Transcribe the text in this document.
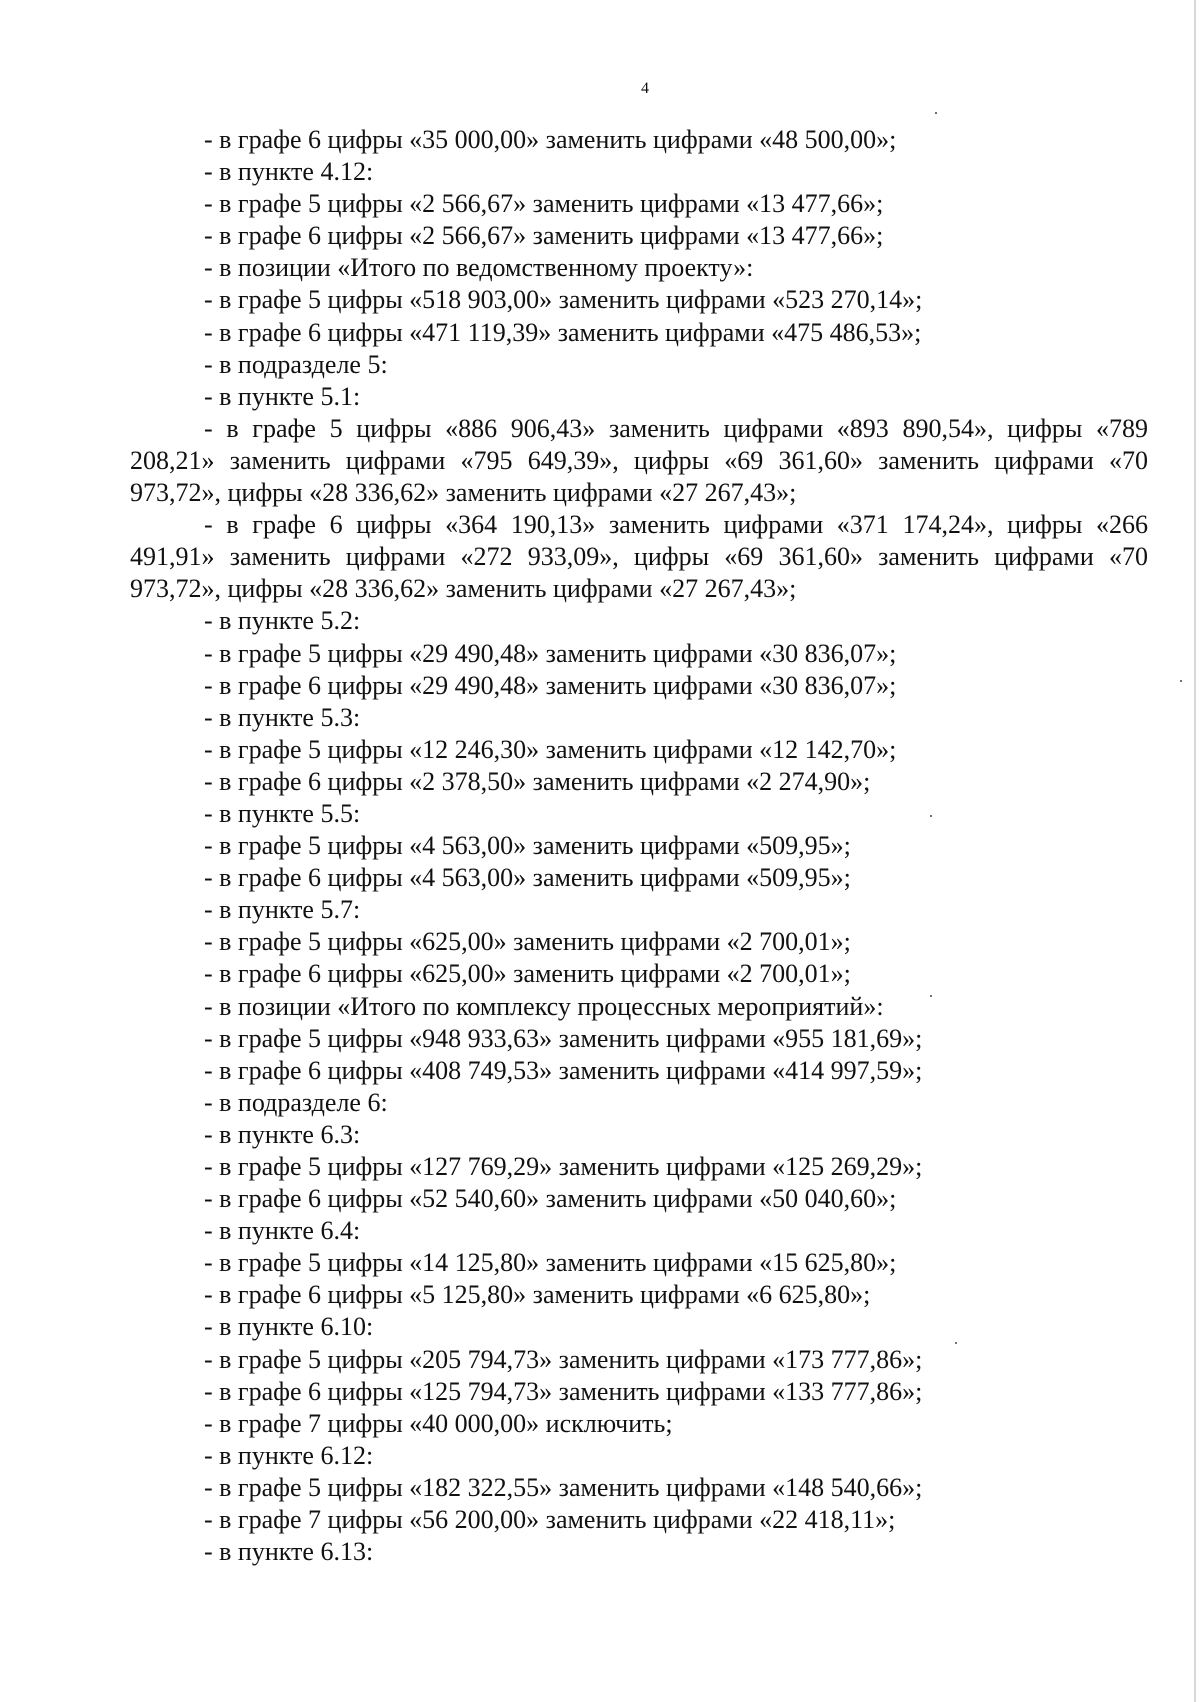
4
- в графе 6 цифры «35 000,00» заменить цифрами «48 500,00»;
- в пункте 4.12:
- в графе 5 цифры «2 566,67» заменить цифрами «13 477,66»;
- в графе 6 цифры «2 566,67» заменить цифрами «13 477,66»;
- в позиции «Итого по ведомственному проекту»:
- в графе 5 цифры «518 903,00» заменить цифрами «523 270,14»;
- в графе 6 цифры «471 119,39» заменить цифрами «475 486,53»;
- в подразделе 5:
- в пункте 5.1:
- в графе 5 цифры «886 906,43» заменить цифрами «893 890,54», цифры «789 208,21» заменить цифрами «795 649,39», цифры «69 361,60» заменить цифрами «70 973,72», цифры «28 336,62» заменить цифрами «27 267,43»;
- в графе 6 цифры «364 190,13» заменить цифрами «371 174,24», цифры «266 491,91» заменить цифрами «272 933,09», цифры «69 361,60» заменить цифрами «70 973,72», цифры «28 336,62» заменить цифрами «27 267,43»;
- в пункте 5.2:
- в графе 5 цифры «29 490,48» заменить цифрами «30 836,07»;
- в графе 6 цифры «29 490,48» заменить цифрами «30 836,07»;
- в пункте 5.3:
- в графе 5 цифры «12 246,30» заменить цифрами «12 142,70»;
- в графе 6 цифры «2 378,50» заменить цифрами «2 274,90»;
- в пункте 5.5:
- в графе 5 цифры «4 563,00» заменить цифрами «509,95»;
- в графе 6 цифры «4 563,00» заменить цифрами «509,95»;
- в пункте 5.7:
- в графе 5 цифры «625,00» заменить цифрами «2 700,01»;
- в графе 6 цифры «625,00» заменить цифрами «2 700,01»;
- в позиции «Итого по комплексу процессных мероприятий»:
- в графе 5 цифры «948 933,63» заменить цифрами «955 181,69»;
- в графе 6 цифры «408 749,53» заменить цифрами «414 997,59»;
- в подразделе 6:
- в пункте 6.3:
- в графе 5 цифры «127 769,29» заменить цифрами «125 269,29»;
- в графе 6 цифры «52 540,60» заменить цифрами «50 040,60»;
- в пункте 6.4:
- в графе 5 цифры «14 125,80» заменить цифрами «15 625,80»;
- в графе 6 цифры «5 125,80» заменить цифрами «6 625,80»;
- в пункте 6.10:
- в графе 5 цифры «205 794,73» заменить цифрами «173 777,86»;
- в графе 6 цифры «125 794,73» заменить цифрами «133 777,86»;
- в графе 7 цифры «40 000,00» исключить;
- в пункте 6.12:
- в графе 5 цифры «182 322,55» заменить цифрами «148 540,66»;
- в графе 7 цифры «56 200,00» заменить цифрами «22 418,11»;
- в пункте 6.13:
